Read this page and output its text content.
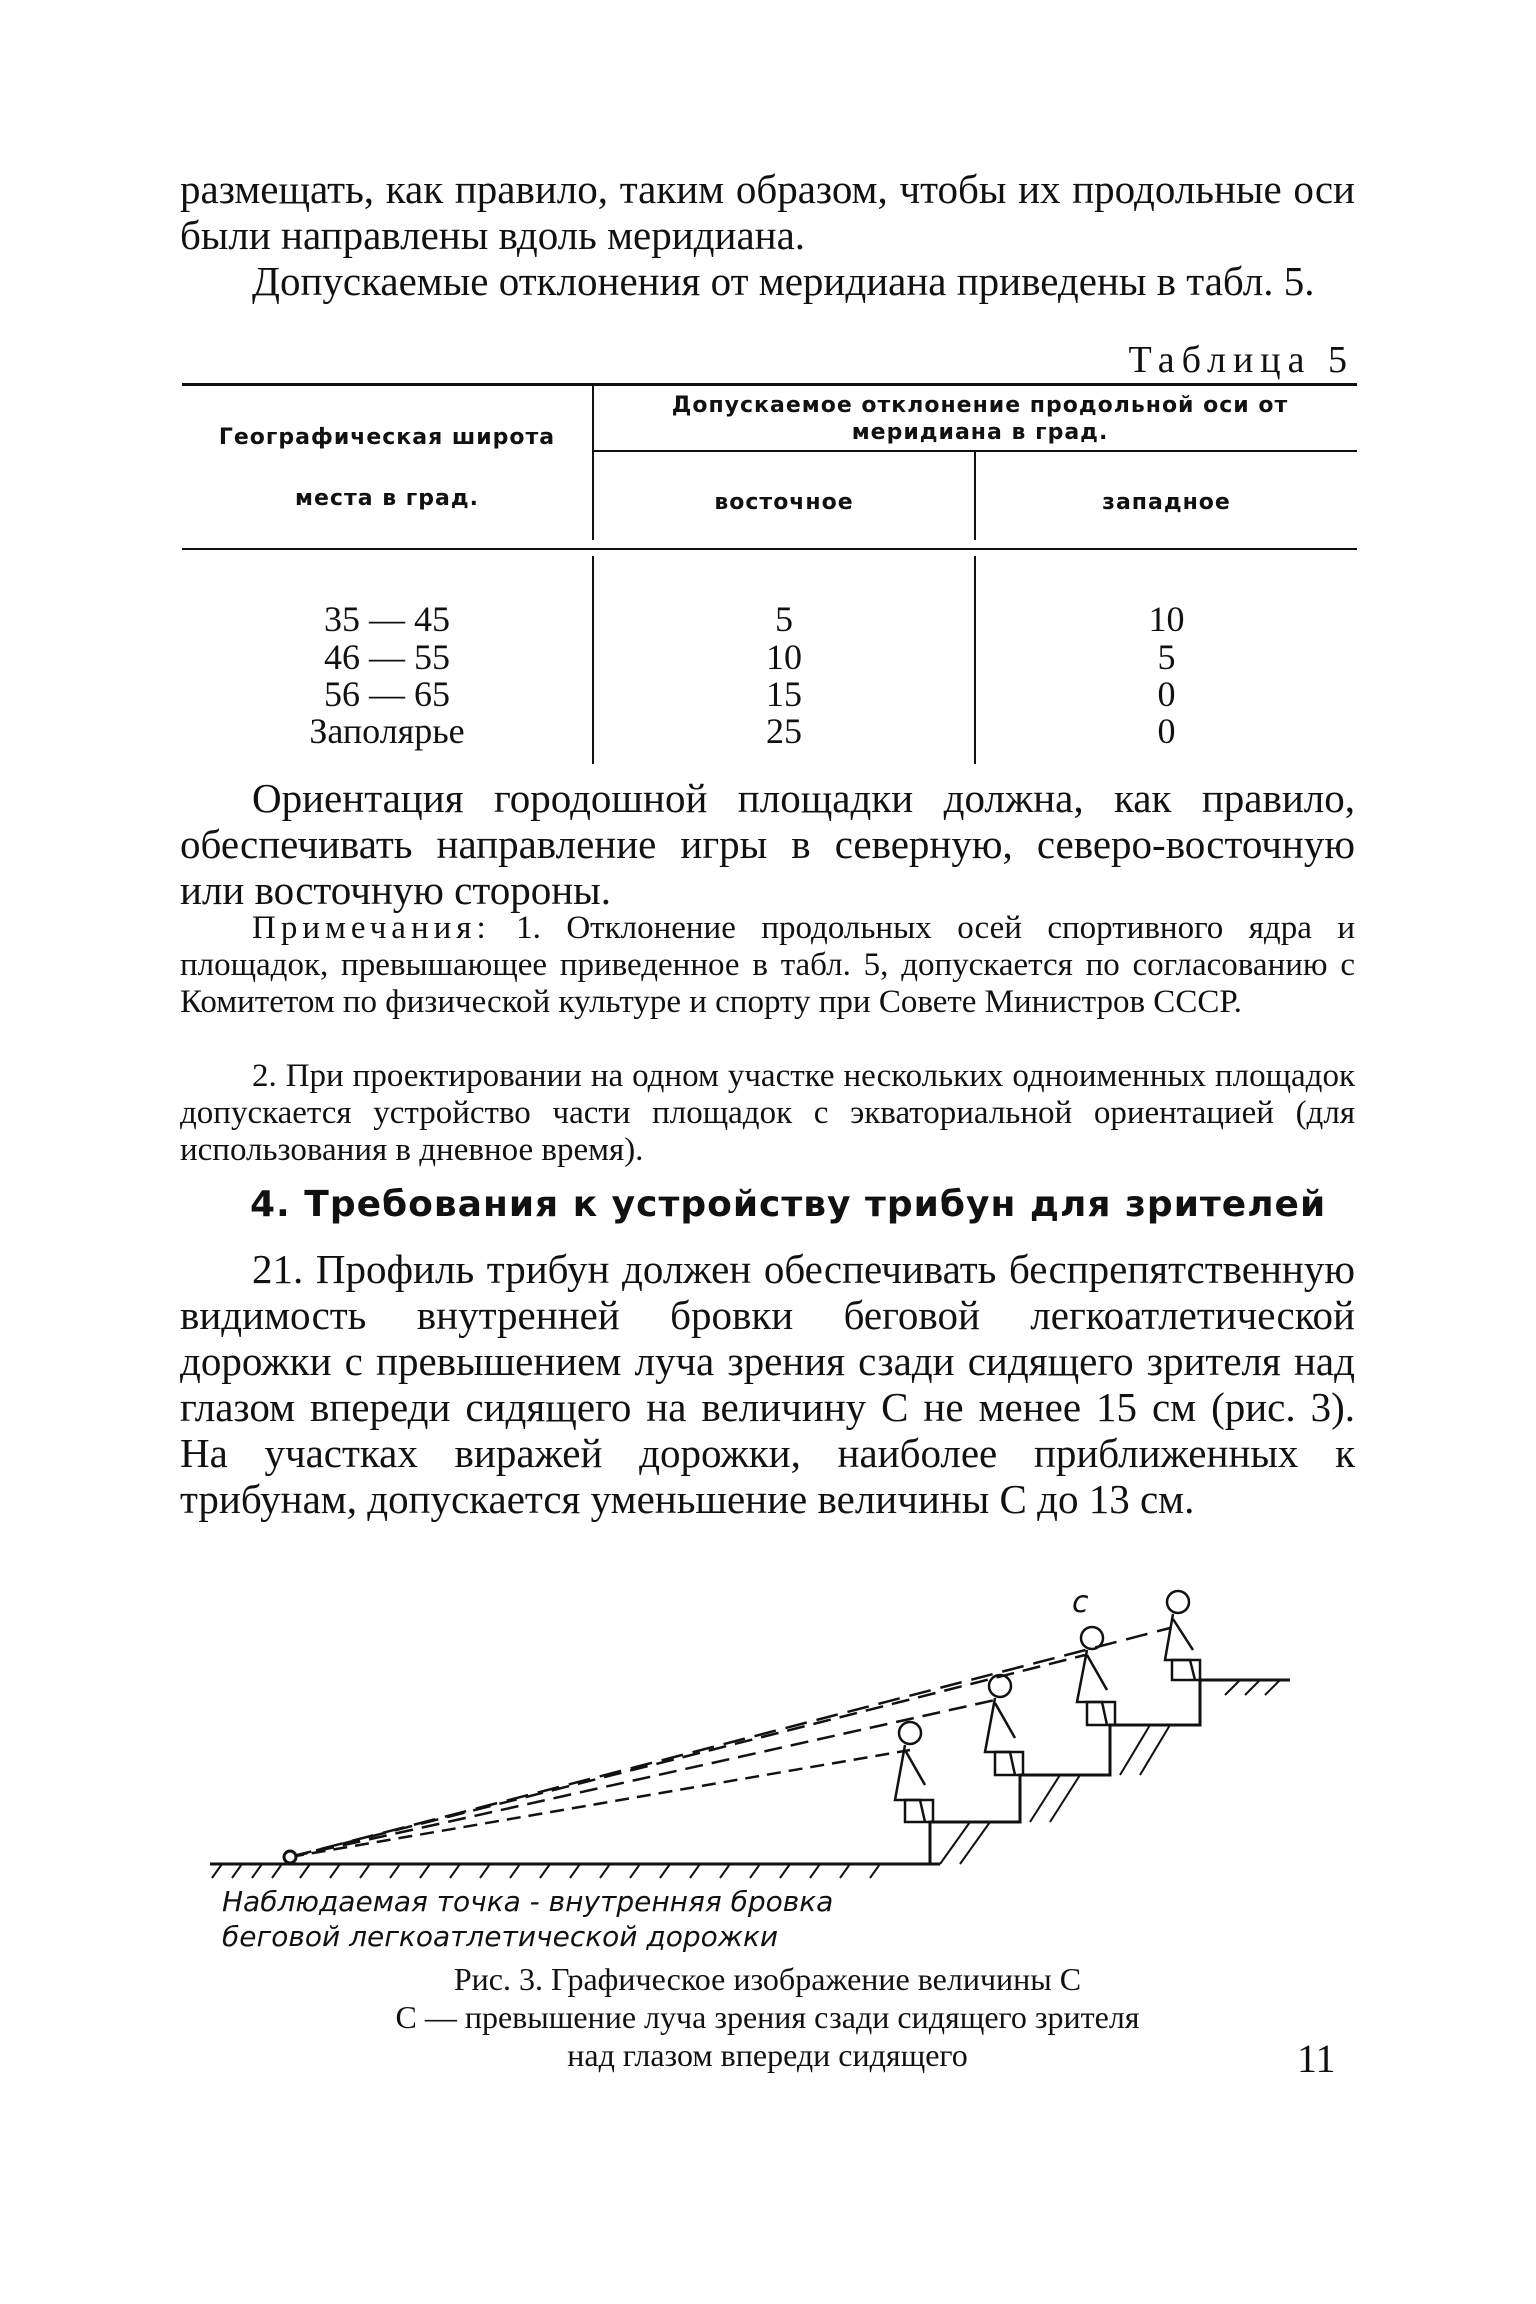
размещать, как правило, таким образом, чтобы их продольные оси были направлены вдоль меридиана.

Допускаемые отклонения от меридиана приведены в табл. 5.

Таблица 5
Географическая широта
места в град.
Допускаемое отклонение продольной оси от меридиана в град.
восточное	западное
35 — 45	5	10
46 — 55	10	5
56 — 65	15	0
Заполярье	25	0

Ориентация городошной площадки должна, как правило, обеспечивать направление игры в северную, северо-восточную или восточную стороны.

Примечания: 1. Отклонение продольных осей спортивного ядра и площадок, превышающее приведенное в табл. 5, допускается по согласованию с Комитетом по физической культуре и спорту при Совете Министров СССР.

2. При проектировании на одном участке нескольких одноименных площадок допускается устройство части площадок с экваториальной ориентацией (для использования в дневное время).

4. Требования к устройству трибун для зрителей

21. Профиль трибун должен обеспечивать беспрепятственную видимость внутренней бровки беговой легкоатлетической дорожки с превышением луча зрения сзади сидящего зрителя над глазом впереди сидящего на величину С не менее 15 см (рис. 3). На участках виражей дорожки, наиболее приближенных к трибунам, допускается уменьшение величины С до 13 см.

с
Наблюдаемая точка - внутренняя бровка
беговой легкоатлетической дорожки
Рис. 3. Графическое изображение величины С
С — превышение луча зрения сзади сидящего зрителя
над глазом впереди сидящего	11
